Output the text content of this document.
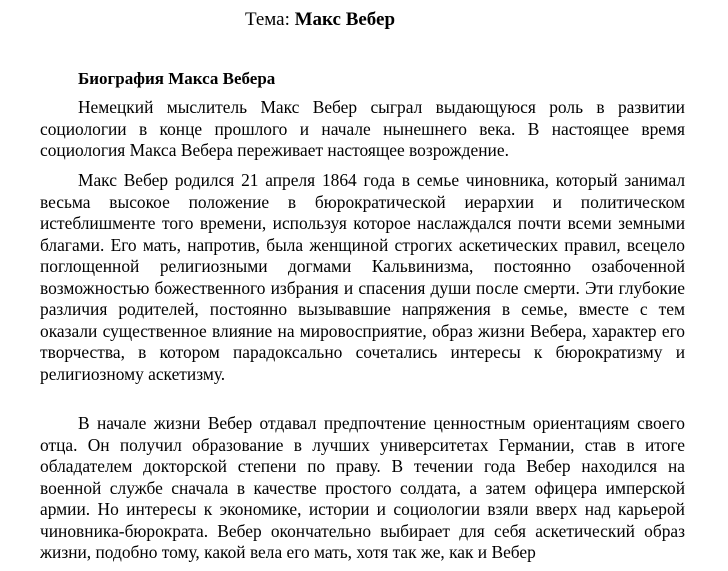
Тема: Макс Вебер
Биография Макса Вебера

Немецкий мыслитель Макс Вебер сыграл выдающуюся роль в развитии социологии в конце прошлого и начале нынешнего века. В настоящее время социология Макса Вебера переживает настоящее возрождение.

Макс Вебер родился 21 апреля 1864 года в семье чиновника, который занимал весьма высокое положение в бюрократической иерархии и политическом истеблишменте того времени, используя которое наслаждался почти всеми земными благами. Его мать, напротив, была женщиной строгих аскетических правил, всецело поглощенной религиозными догмами Кальвинизма, постоянно озабоченной возможностью божественного избрания и спасения души после смерти. Эти глубокие различия родителей, постоянно вызывавшие напряжения в семье, вместе с тем оказали существенное влияние на мировосприятие, образ жизни Вебера, характер его творчества, в котором парадоксально сочетались интересы к бюрократизму и религиозному аскетизму.

В начале жизни Вебер отдавал предпочтение ценностным ориентациям своего отца. Он получил образование в лучших университетах Германии, став в итоге обладателем докторской степени по праву. В течении года Вебер находился на военной службе сначала в качестве простого солдата, а затем офицера имперской армии. Но интересы к экономике, истории и социологии взяли вверх над карьерой чиновника-бюрократа. Вебер окончательно выбирает для себя аскетический образ жизни, подобно тому, какой вела его мать, хотя так же, как и Вебер
